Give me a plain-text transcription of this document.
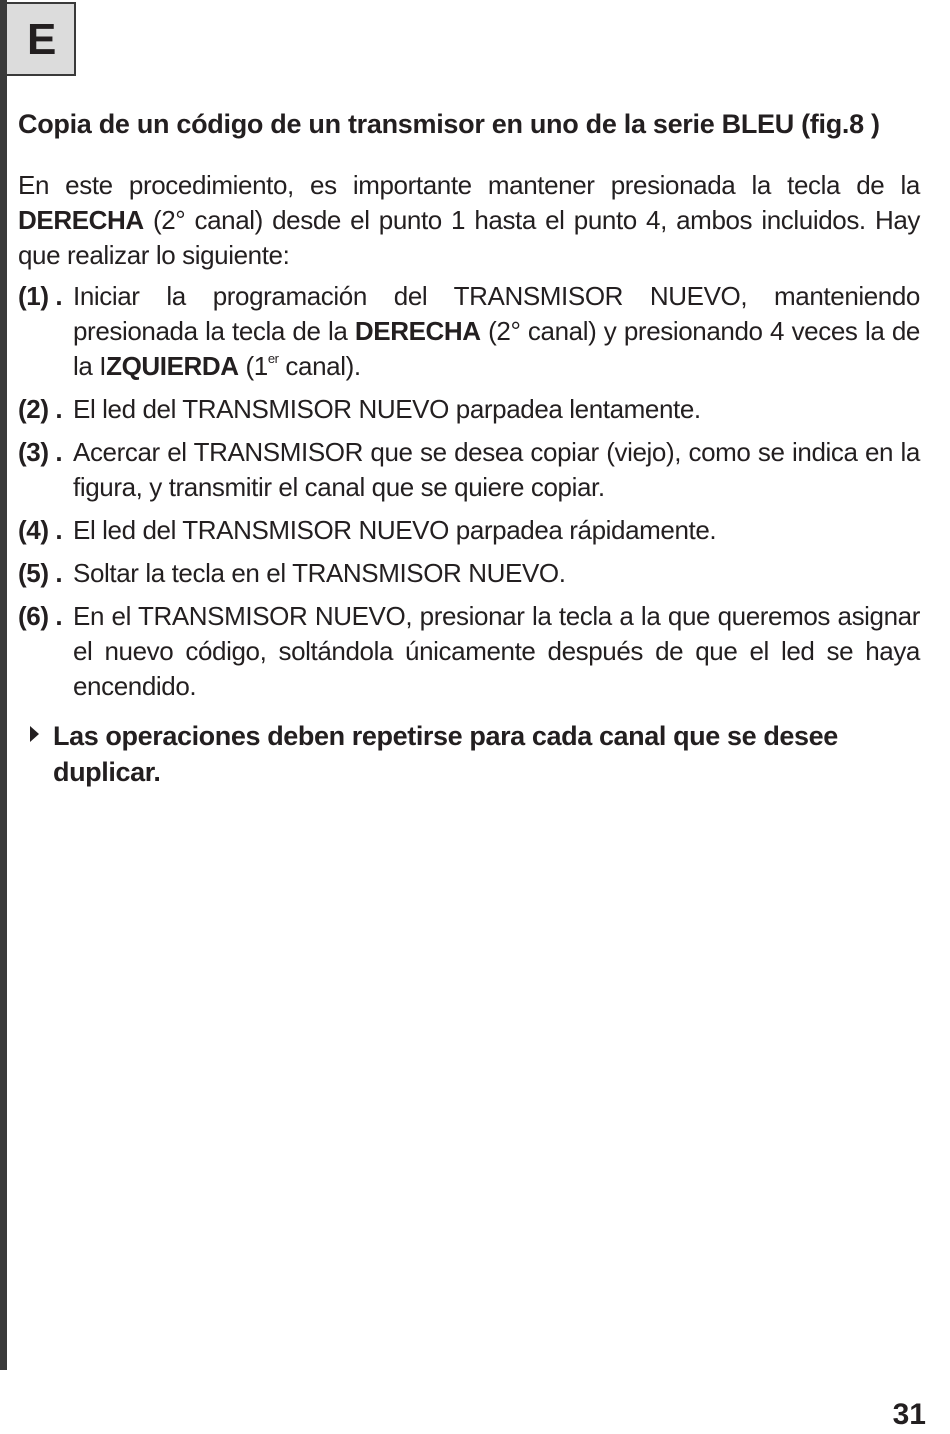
E
Copia de un código de un transmisor en uno de la serie BLEU (fig.8 )

En este procedimiento, es importante mantener presionada la tecla de la DERECHA (2° canal) desde el punto 1 hasta el punto 4, ambos incluidos. Hay que realizar lo siguiente:

(1) . Iniciar la programación del TRANSMISOR NUEVO, manteniendo presionada la tecla de la DERECHA (2° canal) y presionando 4 veces la de la IZQUIERDA (1er canal).
(2) . El led del TRANSMISOR NUEVO parpadea lentamente.
(3) . Acercar el TRANSMISOR que se desea copiar (viejo), como se indica en la figura, y transmitir el canal que se quiere copiar.
(4) . El led del TRANSMISOR NUEVO parpadea rápidamente.
(5) . Soltar la tecla en el TRANSMISOR NUEVO.
(6) . En el TRANSMISOR NUEVO, presionar la tecla a la que queremos asignar el nuevo código, soltándola únicamente después de que el led se haya encendido.
Las operaciones deben repetirse para cada canal que se desee duplicar.
31
